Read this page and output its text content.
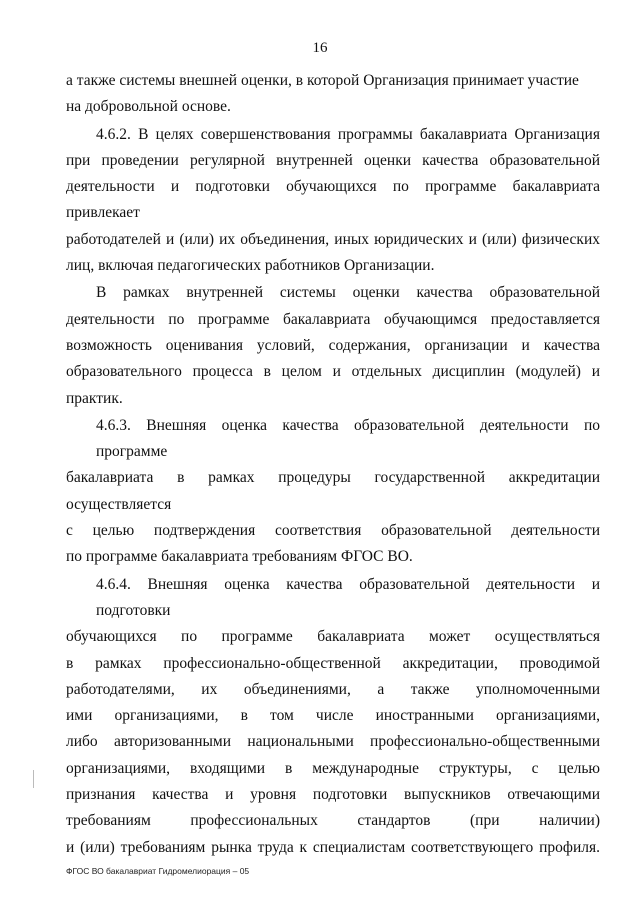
16

а также системы внешней оценки, в которой Организация принимает участие
на добровольной основе.

4.6.2. В целях совершенствования программы бакалавриата Организация
при проведении регулярной внутренней оценки качества образовательной
деятельности и подготовки обучающихся по программе бакалавриата привлекает
работодателей и (или) их объединения, иных юридических и (или) физических
лиц, включая педагогических работников Организации.

В рамках внутренней системы оценки качества образовательной
деятельности по программе бакалавриата обучающимся предоставляется
возможность оценивания условий, содержания, организации и качества
образовательного процесса в целом и отдельных дисциплин (модулей) и практик.

4.6.3. Внешняя оценка качества образовательной деятельности по программе
бакалавриата в рамках процедуры государственной аккредитации осуществляется
с целью подтверждения соответствия образовательной деятельности
по программе бакалавриата требованиям ФГОС ВО.

4.6.4. Внешняя оценка качества образовательной деятельности и подготовки
обучающихся по программе бакалавриата может осуществляться
в рамках профессионально-общественной аккредитации, проводимой
работодателями, их объединениями, а также уполномоченными
ими организациями, в том числе иностранными организациями,
либо авторизованными национальными профессионально-общественными
организациями, входящими в международные структуры, с целью
признания качества и уровня подготовки выпускников отвечающими
требованиям профессиональных стандартов (при наличии)
и (или) требованиям рынка труда к специалистам соответствующего профиля.

ФГОС ВО бакалавриат Гидромелиорация – 05
